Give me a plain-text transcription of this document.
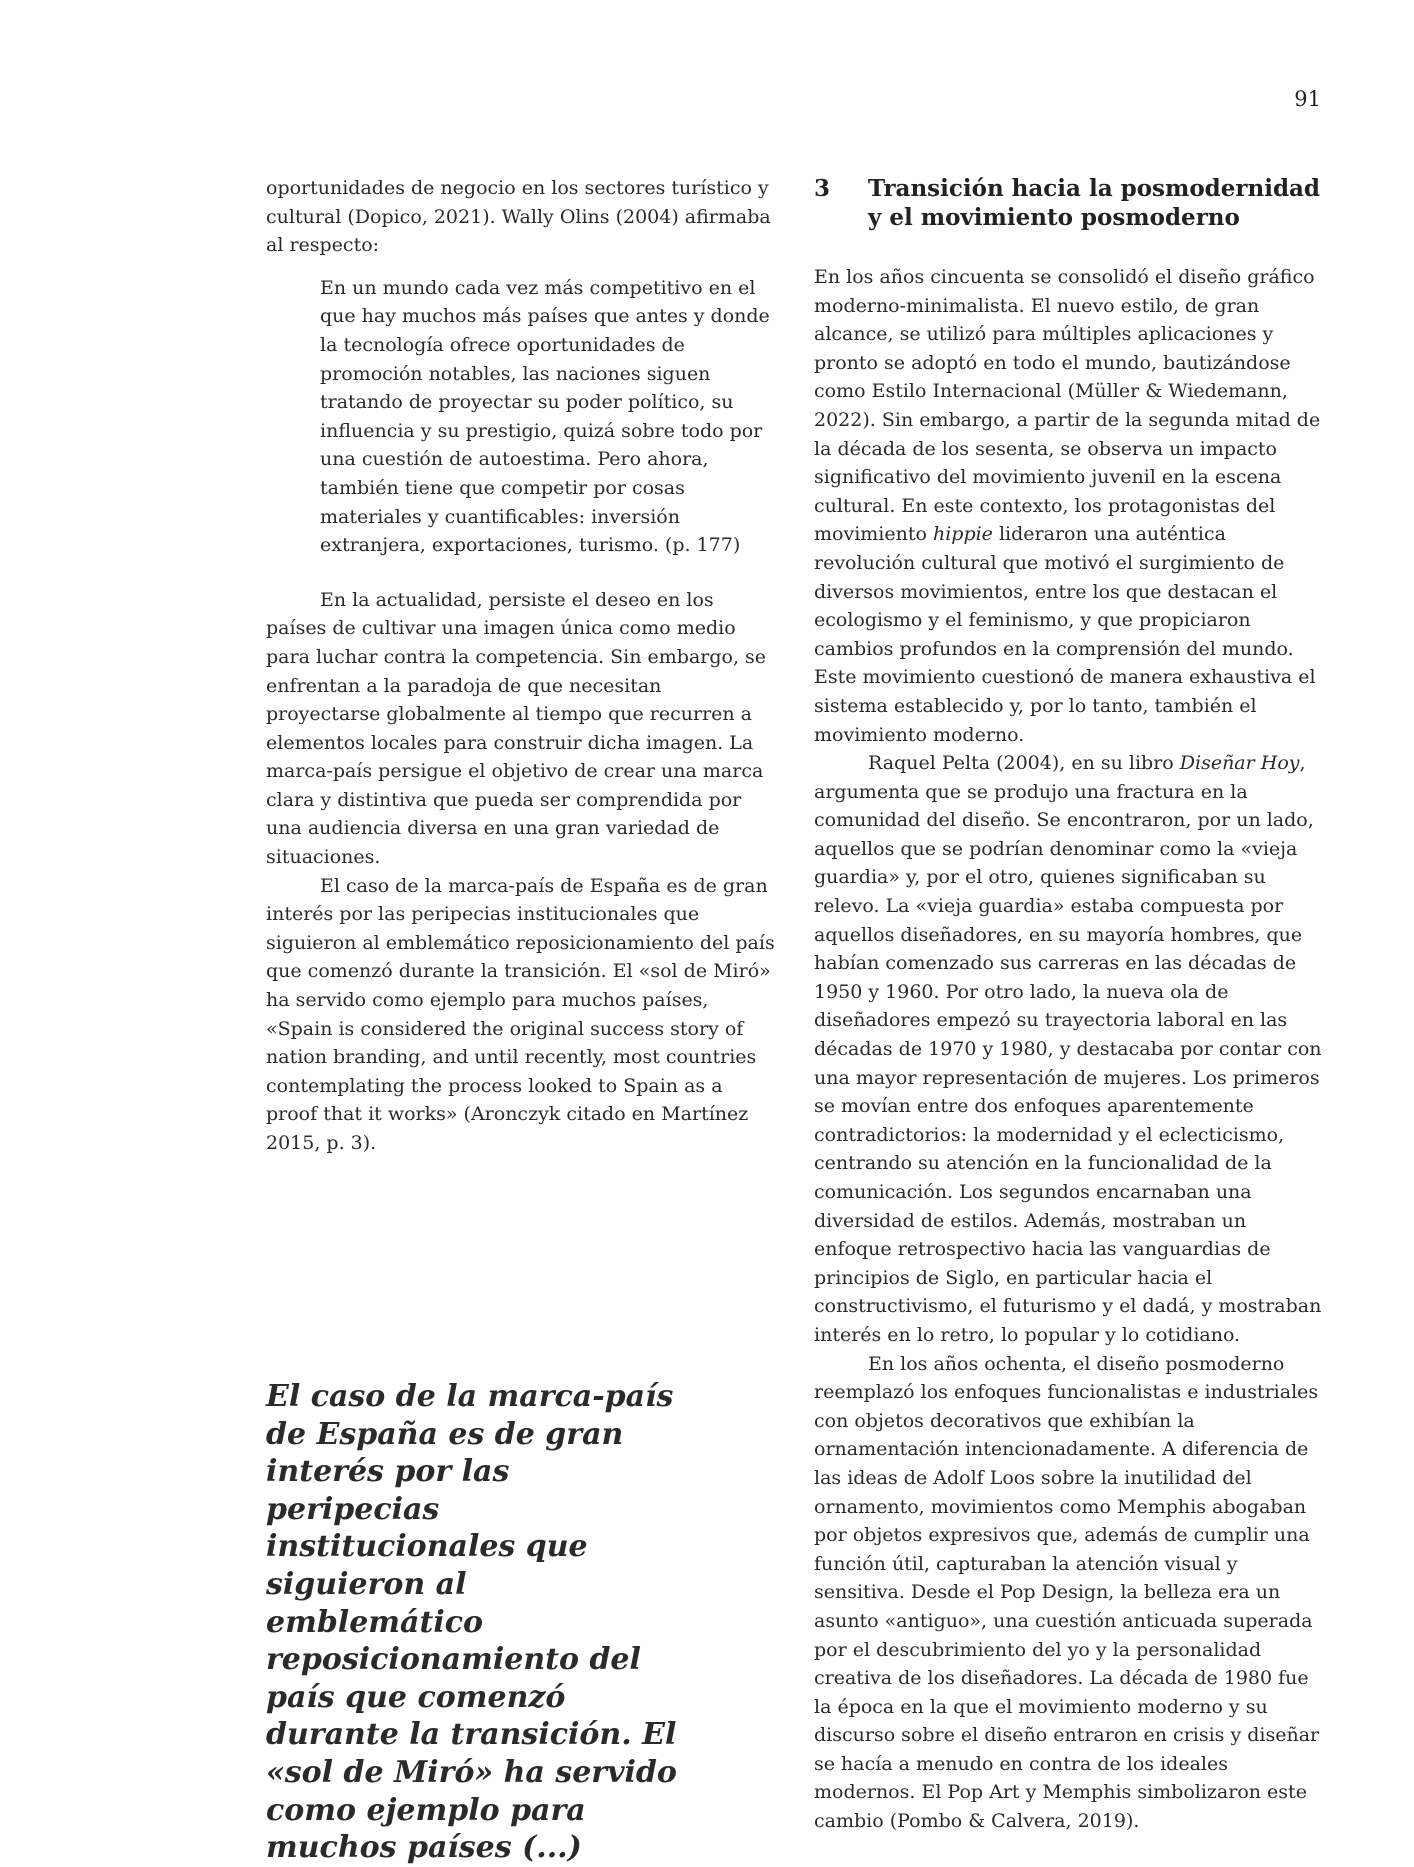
91

oportunidades de negocio en los sectores turístico y cultural (Dopico, 2021). Wally Olins (2004) afirmaba al respecto:

En un mundo cada vez más competitivo en el que hay muchos más países que antes y donde la tecnología ofrece oportunidades de promoción notables, las naciones siguen tratando de proyectar su poder político, su influencia y su prestigio, quizá sobre todo por una cuestión de autoestima. Pero ahora, también tiene que competir por cosas materiales y cuantificables: inversión extranjera, exportaciones, turismo. (p. 177)

En la actualidad, persiste el deseo en los países de cultivar una imagen única como medio para luchar contra la competencia. Sin embargo, se enfrentan a la paradoja de que necesitan proyectarse globalmente al tiempo que recurren a elementos locales para construir dicha imagen. La marca-país persigue el objetivo de crear una marca clara y distintiva que pueda ser comprendida por una audiencia diversa en una gran variedad de situaciones.

El caso de la marca-país de España es de gran interés por las peripecias institucionales que siguieron al emblemático reposicionamiento del país que comenzó durante la transición. El «sol de Miró» ha servido como ejemplo para muchos países, «Spain is considered the original success story of nation branding, and until recently, most countries contemplating the process looked to Spain as a proof that it works» (Aronczyk citado en Martínez 2015, p. 3).

El caso de la marca-país de España es de gran interés por las peripecias institucionales que siguieron al emblemático reposicionamiento del país que comenzó durante la transición. El «sol de Miró» ha servido como ejemplo para muchos países (...)
3	Transición hacia la posmodernidad y el movimiento posmoderno

En los años cincuenta se consolidó el diseño gráfico moderno-minimalista. El nuevo estilo, de gran alcance, se utilizó para múltiples aplicaciones y pronto se adoptó en todo el mundo, bautizándose como Estilo Internacional (Müller & Wiedemann, 2022). Sin embargo, a partir de la segunda mitad de la década de los sesenta, se observa un impacto significativo del movimiento juvenil en la escena cultural. En este contexto, los protagonistas del movimiento hippie lideraron una auténtica revolución cultural que motivó el surgimiento de diversos movimientos, entre los que destacan el ecologismo y el feminismo, y que propiciaron cambios profundos en la comprensión del mundo. Este movimiento cuestionó de manera exhaustiva el sistema establecido y, por lo tanto, también el movimiento moderno.

Raquel Pelta (2004), en su libro Diseñar Hoy, argumenta que se produjo una fractura en la comunidad del diseño. Se encontraron, por un lado, aquellos que se podrían denominar como la «vieja guardia» y, por el otro, quienes significaban su relevo. La «vieja guardia» estaba compuesta por aquellos diseñadores, en su mayoría hombres, que habían comenzado sus carreras en las décadas de 1950 y 1960. Por otro lado, la nueva ola de diseñadores empezó su trayectoria laboral en las décadas de 1970 y 1980, y destacaba por contar con una mayor representación de mujeres. Los primeros se movían entre dos enfoques aparentemente contradictorios: la modernidad y el eclecticismo, centrando su atención en la funcionalidad de la comunicación. Los segundos encarnaban una diversidad de estilos. Además, mostraban un enfoque retrospectivo hacia las vanguardias de principios de Siglo, en particular hacia el constructivismo, el futurismo y el dadá, y mostraban interés en lo retro, lo popular y lo cotidiano.

En los años ochenta, el diseño posmoderno reemplazó los enfoques funcionalistas e industriales con objetos decorativos que exhibían la ornamentación intencionadamente. A diferencia de las ideas de Adolf Loos sobre la inutilidad del ornamento, movimientos como Memphis abogaban por objetos expresivos que, además de cumplir una función útil, capturaban la atención visual y sensitiva. Desde el Pop Design, la belleza era un asunto «antiguo», una cuestión anticuada superada por el descubrimiento del yo y la personalidad creativa de los diseñadores. La década de 1980 fue la época en la que el movimiento moderno y su discurso sobre el diseño entraron en crisis y diseñar se hacía a menudo en contra de los ideales modernos. El Pop Art y Memphis simbolizaron este cambio (Pombo & Calvera, 2019).
